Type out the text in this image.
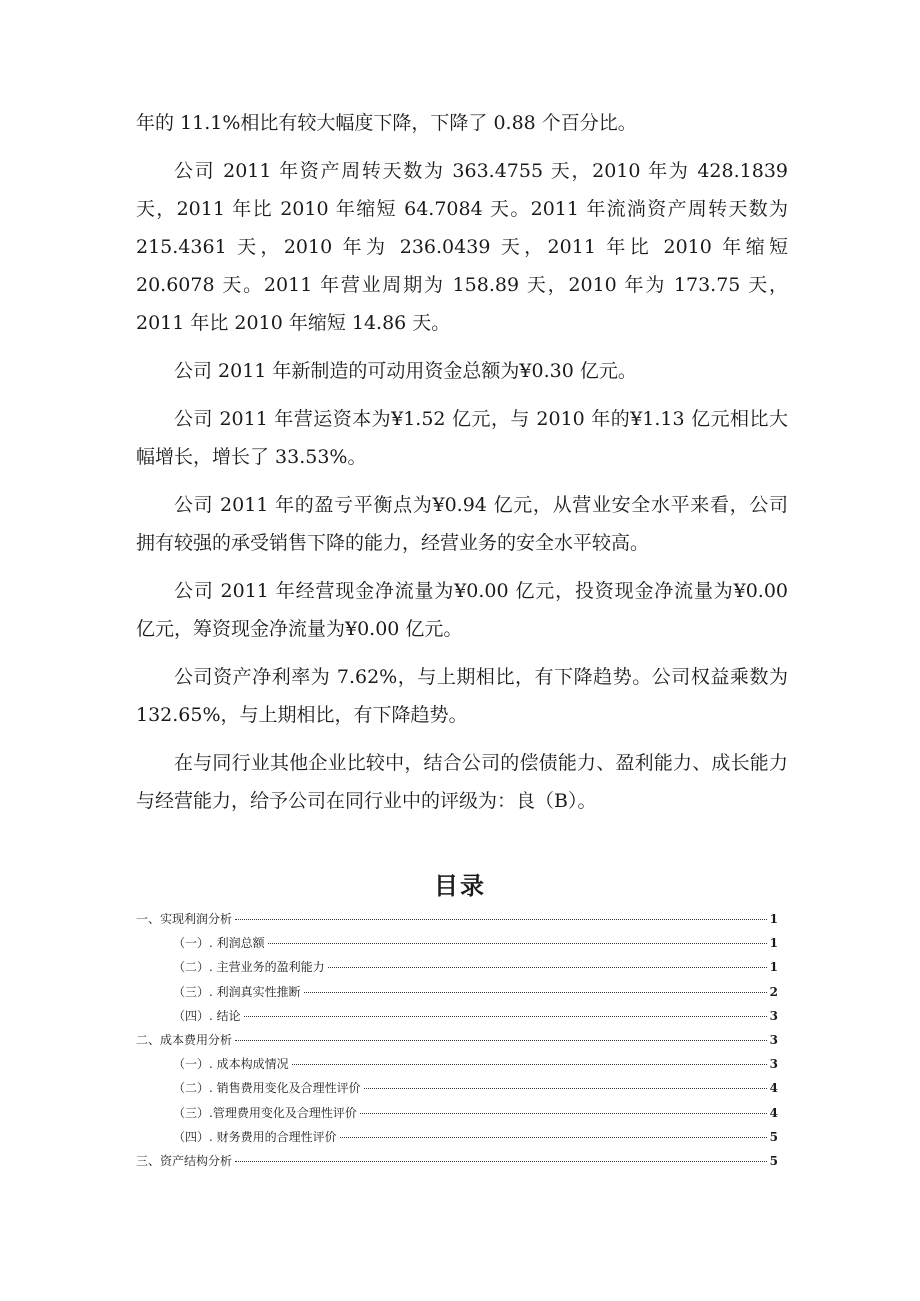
年的 11.1%相比有较大幅度下降，下降了 0.88 个百分比。

公司 2011 年资产周转天数为 363.4755 天，2010 年为 428.1839 天，2011 年比 2010 年缩短 64.7084 天。2011 年流淌资产周转天数为 215.4361 天，2010 年为 236.0439 天，2011 年比 2010 年缩短 20.6078 天。2011 年营业周期为 158.89 天，2010 年为 173.75 天，2011 年比 2010 年缩短 14.86 天。

公司 2011 年新制造的可动用资金总额为¥0.30 亿元。

公司 2011 年营运资本为¥1.52 亿元，与 2010 年的¥1.13 亿元相比大幅增长，增长了 33.53%。

公司 2011 年的盈亏平衡点为¥0.94 亿元，从营业安全水平来看，公司拥有较强的承受销售下降的能力，经营业务的安全水平较高。

公司 2011 年经营现金净流量为¥0.00 亿元，投资现金净流量为¥0.00 亿元，筹资现金净流量为¥0.00 亿元。

公司资产净利率为 7.62%，与上期相比，有下降趋势。公司权益乘数为 132.65%，与上期相比，有下降趋势。

在与同行业其他企业比较中，结合公司的偿债能力、盈利能力、成长能力与经营能力，给予公司在同行业中的评级为：良（B）。

目录
一、实现利润分析	1
（一）. 利润总额	1
（二）. 主营业务的盈利能力	1
（三）. 利润真实性推断	2
（四）. 结论	3
二、成本费用分析	3
（一）. 成本构成情况	3
（二）. 销售费用变化及合理性评价	4
（三）.管理费用变化及合理性评价	4
（四）. 财务费用的合理性评价	5
三、资产结构分析	5
